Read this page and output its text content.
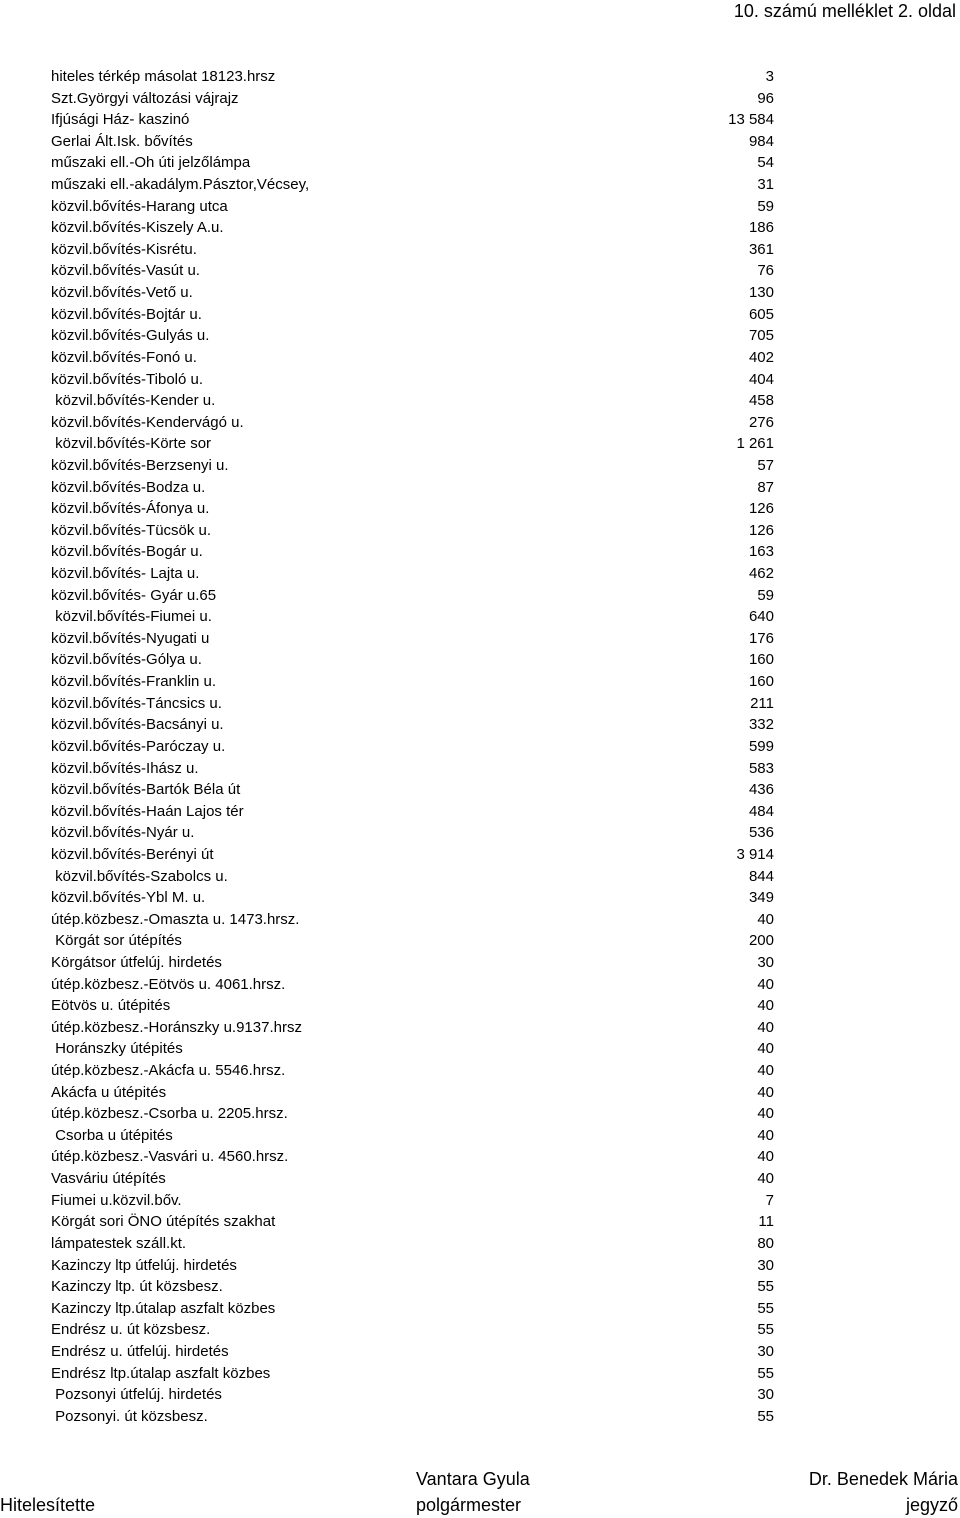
10. számú melléklet 2. oldal
hiteles térkép másolat 18123.hrsz	3
Szt.Györgyi változási vájrajz	96
Ifjúsági Ház- kaszinó	13 584
Gerlai Ált.Isk. bővítés	984
műszaki ell.-Oh úti jelzőlámpa	54
műszaki ell.-akadálym.Pásztor,Vécsey,	31
közvil.bővítés-Harang utca	59
közvil.bővítés-Kiszely A.u.	186
közvil.bővítés-Kisrétu.	361
közvil.bővítés-Vasút u.	76
közvil.bővítés-Vető u.	130
közvil.bővítés-Bojtár u.	605
közvil.bővítés-Gulyás u.	705
közvil.bővítés-Fonó u.	402
közvil.bővítés-Tiboló u.	404
közvil.bővítés-Kender u.	458
közvil.bővítés-Kendervágó u.	276
közvil.bővítés-Körte sor	1 261
közvil.bővítés-Berzsenyi u.	57
közvil.bővítés-Bodza u.	87
közvil.bővítés-Áfonya u.	126
közvil.bővítés-Tücsök u.	126
közvil.bővítés-Bogár u.	163
közvil.bővítés- Lajta u.	462
közvil.bővítés- Gyár u.65	59
közvil.bővítés-Fiumei u.	640
közvil.bővítés-Nyugati u	176
közvil.bővítés-Gólya u.	160
közvil.bővítés-Franklin u.	160
közvil.bővítés-Táncsics u.	211
közvil.bővítés-Bacsányi u.	332
közvil.bővítés-Paróczay u.	599
közvil.bővítés-Ihász u.	583
közvil.bővítés-Bartók Béla út	436
közvil.bővítés-Haán Lajos tér	484
közvil.bővítés-Nyár u.	536
közvil.bővítés-Berényi út	3 914
közvil.bővítés-Szabolcs u.	844
közvil.bővítés-Ybl M. u.	349
útép.közbesz.-Omaszta u. 1473.hrsz.	40
Körgát sor útépítés	200
Körgátsor útfelúj. hirdetés	30
útép.közbesz.-Eötvös u. 4061.hrsz.	40
Eötvös u. útépités	40
útép.közbesz.-Horánszky u.9137.hrsz	40
Horánszky útépités	40
útép.közbesz.-Akácfa u. 5546.hrsz.	40
Akácfa u útépités	40
útép.közbesz.-Csorba u. 2205.hrsz.	40
Csorba u útépités	40
útép.közbesz.-Vasvári u. 4560.hrsz.	40
Vasváriu útépítés	40
Fiumei u.közvil.bőv.	7
Körgát sori ÖNO útépítés szakhat	11
lámpatestek száll.kt.	80
Kazinczy ltp útfelúj. hirdetés	30
Kazinczy ltp. út közsbesz.	55
Kazinczy ltp.útalap aszfalt közbes	55
Endrész u. út közsbesz.	55
Endrész u. útfelúj. hirdetés	30
Endrész ltp.útalap aszfalt közbes	55
Pozsonyi útfelúj. hirdetés	30
Pozsonyi. út közsbesz.	55
Hitelesítette
Vantara Gyula
polgármester
Dr. Benedek Mária
jegyző
